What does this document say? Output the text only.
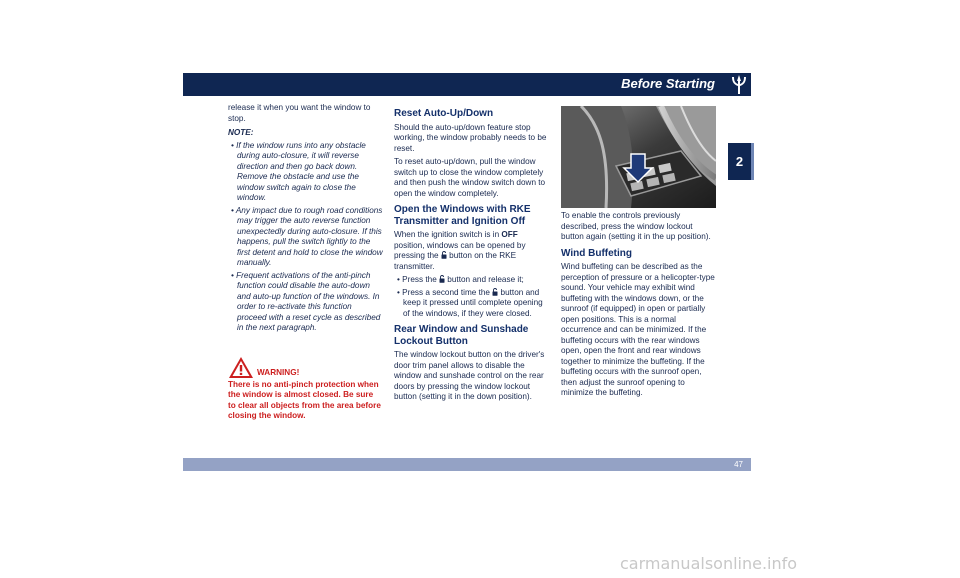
Before Starting
2

release it when you want the window to stop.

NOTE:

• If the window runs into any obstacle during auto-closure, it will reverse direction and then go back down. Remove the obstacle and use the window switch again to close the window.
• Any impact due to rough road conditions may trigger the auto reverse function unexpectedly during auto-closure. If this happens, pull the switch lightly to the first detent and hold to close the window manually.
• Frequent activations of the anti-pinch function could disable the auto-down and auto-up function of the windows. In order to re-activate this function proceed with a reset cycle as described in the next paragraph.
WARNING!
There is no anti-pinch protection when the window is almost closed. Be sure to clear all objects from the area before closing the window.
Reset Auto-Up/Down

Should the auto-up/down feature stop working, the window probably needs to be reset.

To reset auto-up/down, pull the window switch up to close the window completely and then push the window switch down to open the window completely.

Open the Windows with RKE Transmitter and Ignition Off

When the ignition switch is in OFF position, windows can be opened by pressing the  button on the RKE transmitter.

• Press the  button and release it;
• Press a second time the  button and keep it pressed until complete opening of the windows, if they were closed.
Rear Window and Sunshade Lockout Button

The window lockout button on the driver's door trim panel allows to disable the window and sunshade control on the rear doors by pressing the window lockout button (setting it in the down position).

To enable the controls previously described, press the window lockout button again (setting it in the up position).

Wind Buffeting

Wind buffeting can be described as the perception of pressure or a helicopter-type sound. Your vehicle may exhibit wind buffeting with the windows down, or the sunroof (if equipped) in open or partially open positions. This is a normal occurrence and can be minimized. If the buffeting occurs with the rear windows open, open the front and rear windows together to minimize the buffeting. If the buffeting occurs with the sunroof open, then adjust the sunroof opening to minimize the buffeting.

47
carmanualsonline.info
